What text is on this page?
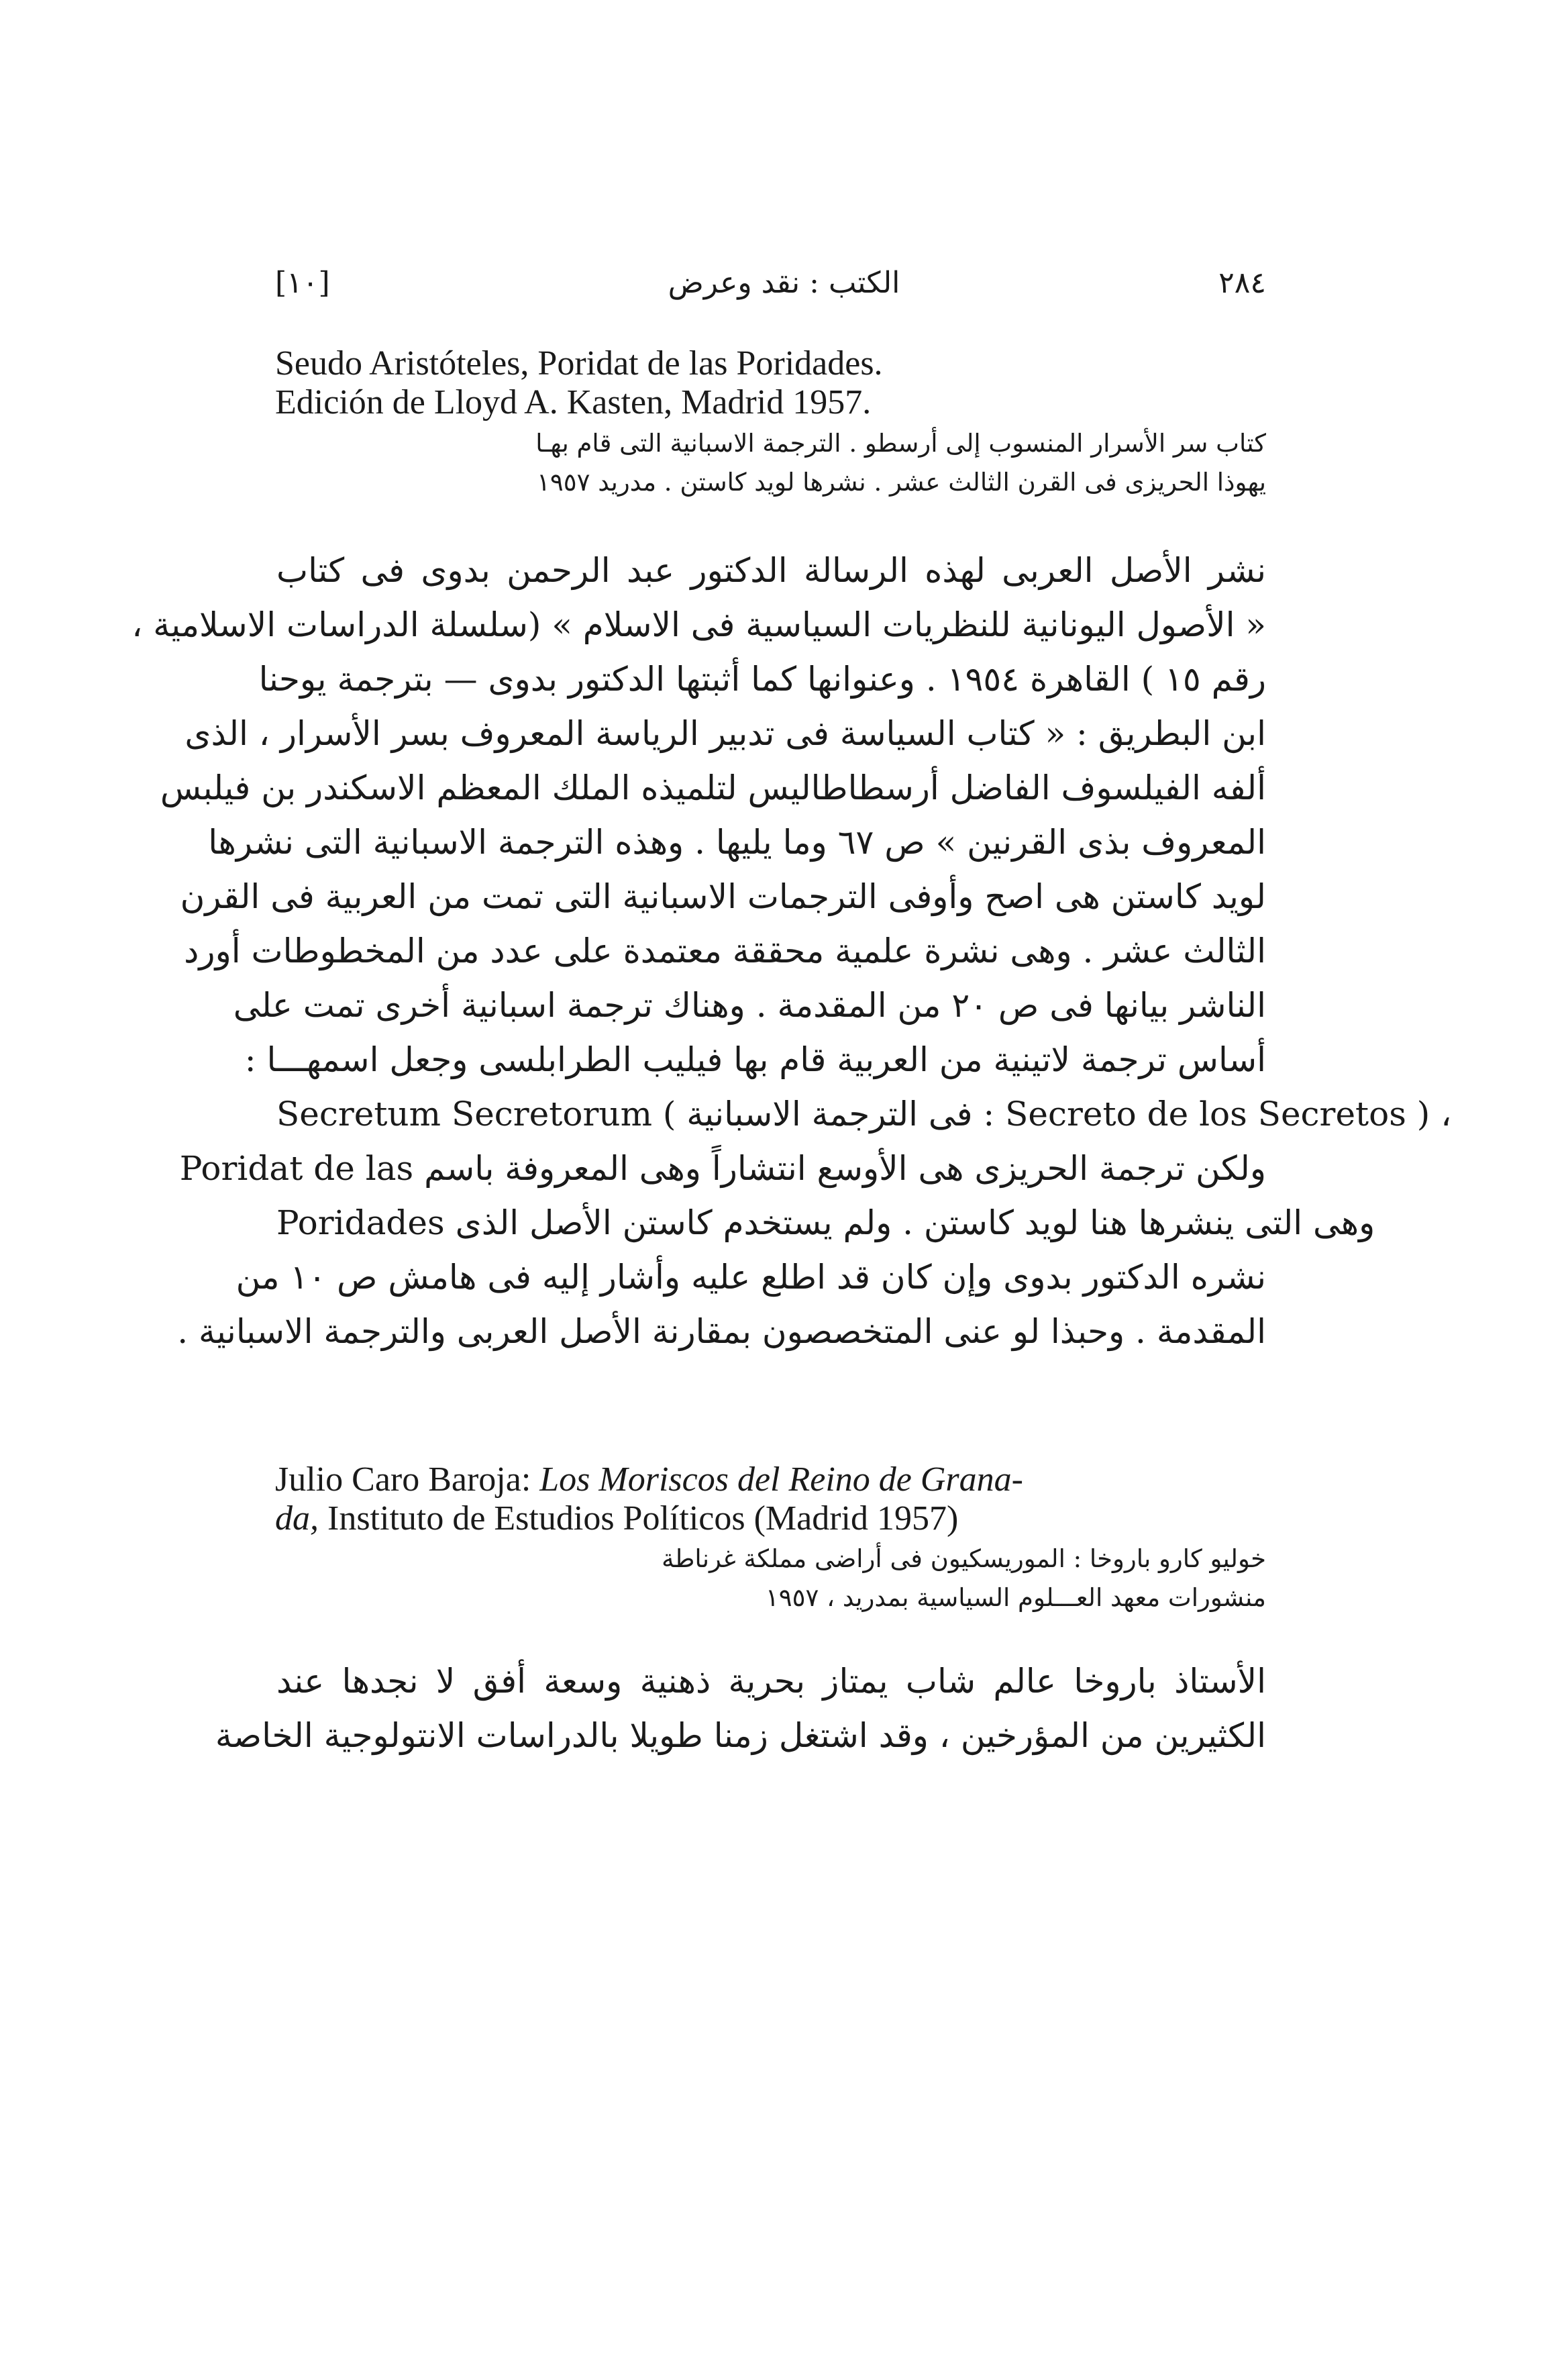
[١٠]	الكتب : نقد وعرض	٢٨٤
Seudo Aristóteles, Poridat de las Poridades.
Edición de Lloyd A. Kasten, Madrid 1957.
كتاب سر الأسرار المنسوب إلى أرسطو . الترجمة الاسبانية التى قام بهـا
يهوذا الحريزى فى القرن الثالث عشر . نشرها لويد كاستن . مدريد ١٩٥٧
نشر الأصل العربى لهذه الرسالة الدكتور عبد الرحمن بدوى فى كتاب
« الأصول اليونانية للنظريات السياسية فى الاسلام » (سلسلة الدراسات الاسلامية ،
رقم ١٥ ) القاهرة ١٩٥٤ . وعنوانها كما أثبتها الدكتور بدوى — بترجمة يوحنا
ابن البطريق : « كتاب السياسة فى تدبير الرياسة المعروف بسر الأسرار ، الذى
ألفه الفيلسوف الفاضل أرسطاطاليس لتلميذه الملك المعظم الاسكندر بن فيلبس
المعروف بذى القرنين » ص ٦٧ وما يليها . وهذه الترجمة الاسبانية التى نشرها
لويد كاستن هى اصح وأوفى الترجمات الاسبانية التى تمت من العربية فى القرن
الثالث عشر . وهى نشرة علمية محققة معتمدة على عدد من المخطوطات أورد
الناشر بيانها فى ص ٢٠ من المقدمة . وهناك ترجمة اسبانية أخرى تمت على
أساس ترجمة لاتينية من العربية قام بها فيليب الطرابلسى وجعل اسمهـــا :
Secretum Secretorum ( فى الترجمة الاسبانية : Secreto de los Secretos ) ،
ولكن ترجمة الحريزى هى الأوسع انتشاراً وهى المعروفة باسم Poridat de las
Poridades وهى التى ينشرها هنا لويد كاستن . ولم يستخدم كاستن الأصل الذى
نشره الدكتور بدوى وإن كان قد اطلع عليه وأشار إليه فى هامش ص ١٠ من
المقدمة . وحبذا لو عنى المتخصصون بمقارنة الأصل العربى والترجمة الاسبانية .
Julio Caro Baroja: Los Moriscos del Reino de Grana-
da, Instituto de Estudios Políticos (Madrid 1957)
خوليو كارو باروخا : الموريسكيون فى أراضى مملكة غرناطة
منشورات معهد العـــلوم السياسية بمدريد ، ١٩٥٧
الأستاذ باروخا عالم شاب يمتاز بحرية ذهنية وسعة أفق لا نجدها عند
الكثيرين من المؤرخين ، وقد اشتغل زمنا طويلا بالدراسات الانتولوجية الخاصة
